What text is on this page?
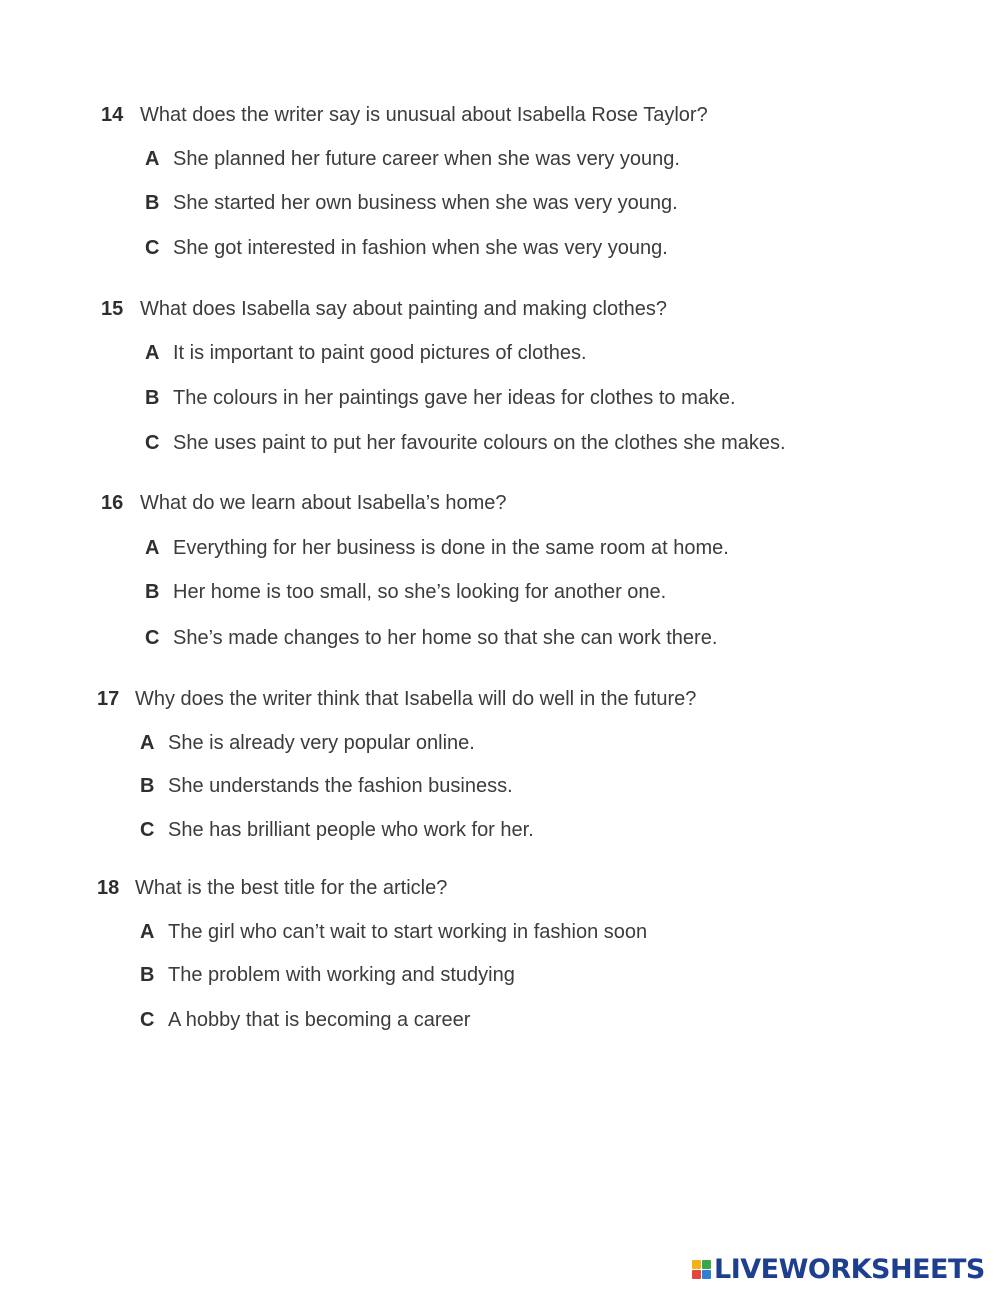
14 What does the writer say is unusual about Isabella Rose Taylor?
A She planned her future career when she was very young.
B She started her own business when she was very young.
C She got interested in fashion when she was very young.
15 What does Isabella say about painting and making clothes?
A It is important to paint good pictures of clothes.
B The colours in her paintings gave her ideas for clothes to make.
C She uses paint to put her favourite colours on the clothes she makes.
16 What do we learn about Isabella’s home?
A Everything for her business is done in the same room at home.
B Her home is too small, so she’s looking for another one.
C She’s made changes to her home so that she can work there.
17 Why does the writer think that Isabella will do well in the future?
A She is already very popular online.
B She understands the fashion business.
C She has brilliant people who work for her.
18 What is the best title for the article?
A The girl who can’t wait to start working in fashion soon
B The problem with working and studying
C A hobby that is becoming a career
LIVEWORKSHEETS
